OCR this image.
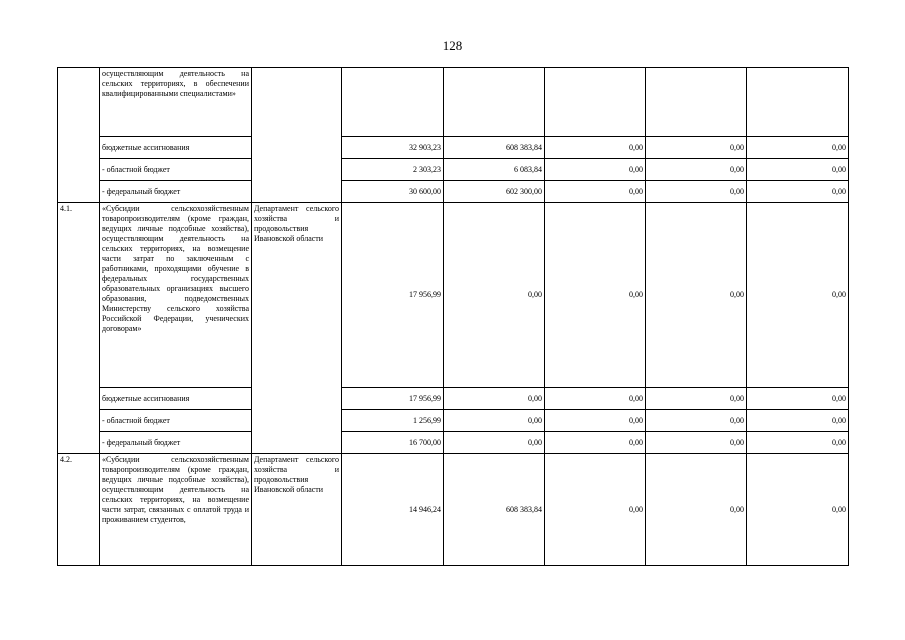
128
	осуществляющим деятельность на сельских территориях, в обеспечении квалифицированными специалистами»						
	бюджетные ассигнования		32 903,23	608 383,84	0,00	0,00	0,00
	- областной бюджет		2 303,23	6 083,84	0,00	0,00	0,00
	- федеральный бюджет		30 600,00	602 300,00	0,00	0,00	0,00
4.1.	«Субсидии сельскохозяйственным товаропроизводителям (кроме граждан, ведущих личные подсобные хозяйства), осуществляющим деятельность на сельских территориях, на возмещение части затрат по заключенным с работниками, проходящими обучение в федеральных государственных образовательных организациях высшего образования, подведомственных Министерству сельского хозяйства Российской Федерации, ученических договорам»	Департамент сельского хозяйства и продовольствия Ивановской области	17 956,99	0,00	0,00	0,00	0,00
	бюджетные ассигнования		17 956,99	0,00	0,00	0,00	0,00
	- областной бюджет		1 256,99	0,00	0,00	0,00	0,00
	- федеральный бюджет		16 700,00	0,00	0,00	0,00	0,00
4.2.	«Субсидии сельскохозяйственным товаропроизводителям (кроме граждан, ведущих личные подсобные хозяйства), осуществляющим деятельность на сельских территориях, на возмещение части затрат, связанных с оплатой труда и проживанием студентов,	Департамент сельского хозяйства и продовольствия Ивановской области	14 946,24	608 383,84	0,00	0,00	0,00
